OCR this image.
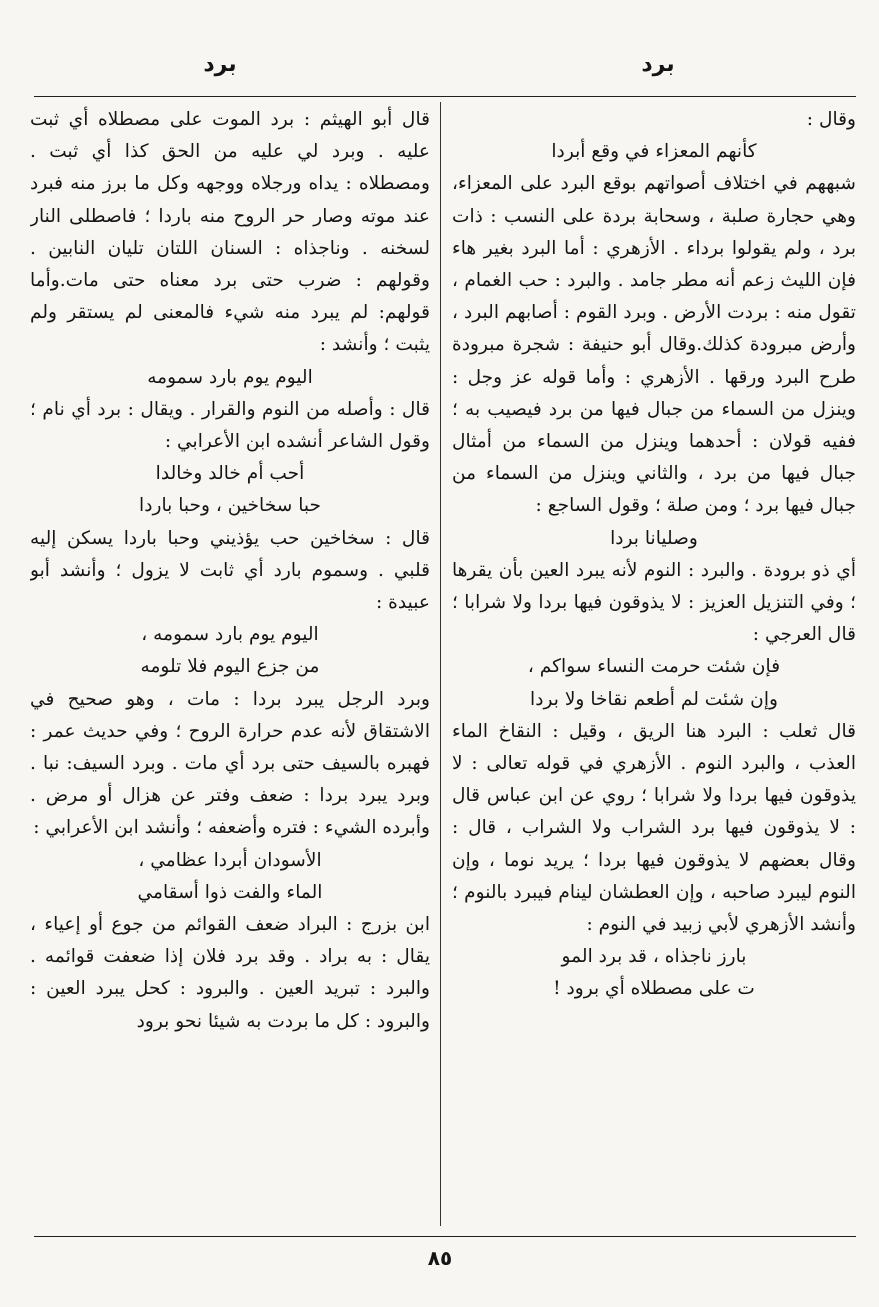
برد
برد

وقال :

كأنهم المعزاء في وقع أبردا

شبههم في اختلاف أصواتهم بوقع البرد على المعزاء، وهي حجارة صلبة ، وسحابة بردة على النسب : ذات برد ، ولم يقولوا برداء . الأزهري : أما البرد بغير هاء فإن الليث زعم أنه مطر جامد . والبرد : حب الغمام ، تقول منه : بردت الأرض . وبرد القوم : أصابهم البرد ، وأرض مبرودة كذلك.وقال أبو حنيفة : شجرة مبرودة طرح البرد ورقها . الأزهري : وأما قوله عز وجل : وينزل من السماء من جبال فيها من برد فيصيب به ؛ ففيه قولان : أحدهما وينزل من السماء من أمثال جبال فيها من برد ، والثاني وينزل من السماء من جبال فيها برد ؛ ومن صلة ؛ وقول الساجع :

وصليانا بردا

أي ذو برودة . والبرد : النوم لأنه يبرد العين بأن يقرها ؛ وفي التنزيل العزيز : لا يذوقون فيها بردا ولا شرابا ؛ قال العرجي :

فإن شئت حرمت النساء سواكم ،

وإن شئت لم أطعم نقاخا ولا بردا

قال ثعلب : البرد هنا الريق ، وقيل : النقاخ الماء العذب ، والبرد النوم . الأزهري في قوله تعالى : لا يذوقون فيها بردا ولا شرابا ؛ روي عن ابن عباس قال : لا يذوقون فيها برد الشراب ولا الشراب ، قال : وقال بعضهم لا يذوقون فيها بردا ؛ يريد نوما ، وإن النوم ليبرد صاحبه ، وإن العطشان لينام فيبرد بالنوم ؛ وأنشد الأزهري لأبي زبيد في النوم :

بارز ناجذاه ، قد برد المو

ت على مصطلاه أي برود !

قال أبو الهيثم : برد الموت على مصطلاه أي ثبت عليه . وبرد لي عليه من الحق كذا أي ثبت . ومصطلاه : يداه ورجلاه ووجهه وكل ما برز منه فبرد عند موته وصار حر الروح منه باردا ؛ فاصطلى النار لسخنه . وناجذاه : السنان اللتان تليان النابين . وقولهم : ضرب حتى برد معناه حتى مات.وأما قولهم: لم يبرد منه شيء فالمعنى لم يستقر ولم يثبت ؛ وأنشد :

اليوم يوم بارد سمومه

قال : وأصله من النوم والقرار . ويقال : برد أي نام ؛ وقول الشاعر أنشده ابن الأعرابي :

أحب أم خالد وخالدا

حبا سخاخين ، وحبا باردا

قال : سخاخين حب يؤذيني وحبا باردا يسكن إليه قلبي . وسموم بارد أي ثابت لا يزول ؛ وأنشد أبو عبيدة :

اليوم يوم بارد سمومه ،

من جزع اليوم فلا تلومه

وبرد الرجل يبرد بردا : مات ، وهو صحيح في الاشتقاق لأنه عدم حرارة الروح ؛ وفي حديث عمر : فهبره بالسيف حتى برد أي مات . وبرد السيف: نبا . وبرد يبرد بردا : ضعف وفتر عن هزال أو مرض . وأبرده الشيء : فتره وأضعفه ؛ وأنشد ابن الأعرابي :

الأسودان أبردا عظامي ،

الماء والفت ذوا أسقامي

ابن بزرج : البراد ضعف القوائم من جوع أو إعياء ، يقال : به براد . وقد برد فلان إذا ضعفت قوائمه . والبرد : تبريد العين . والبرود : كحل يبرد العين : والبرود : كل ما بردت به شيئا نحو برود

٨٥
